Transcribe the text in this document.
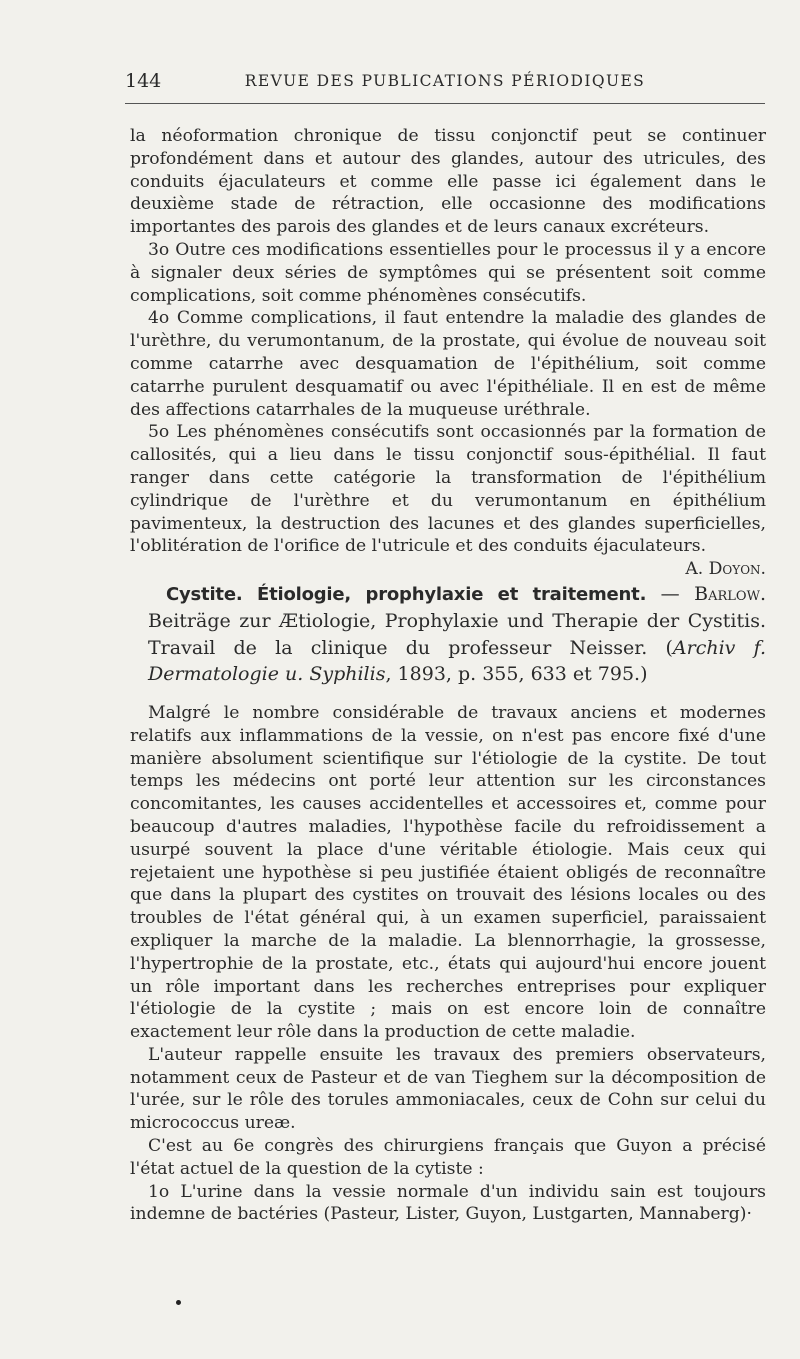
144	REVUE DES PUBLICATIONS PÉRIODIQUES

la néoformation chronique de tissu conjonctif peut se continuer profondément dans et autour des glandes, autour des utricules, des conduits éjaculateurs et comme elle passe ici également dans le deuxième stade de rétraction, elle occasionne des modifications importantes des parois des glandes et de leurs canaux excréteurs.

3o Outre ces modifications essentielles pour le processus il y a encore à signaler deux séries de symptômes qui se présentent soit comme complications, soit comme phénomènes consécutifs.

4o Comme complications, il faut entendre la maladie des glandes de l'urèthre, du verumontanum, de la prostate, qui évolue de nouveau soit comme catarrhe avec desquamation de l'épithélium, soit comme catarrhe purulent desquamatif ou avec l'épithéliale. Il en est de même des affections catarrhales de la muqueuse uréthrale.

5o Les phénomènes consécutifs sont occasionnés par la formation de callosités, qui a lieu dans le tissu conjonctif sous-épithélial. Il faut ranger dans cette catégorie la transformation de l'épithélium cylindrique de l'urèthre et du verumontanum en épithélium pavimenteux, la destruction des lacunes et des glandes superficielles, l'oblitération de l'orifice de l'utricule et des conduits éjaculateurs.

A. Doyon.

Cystite. Étiologie, prophylaxie et traitement. — Barlow. Beiträge zur Ætiologie, Prophylaxie und Therapie der Cystitis. Travail de la clinique du professeur Neisser. (Archiv f. Dermatologie u. Syphilis, 1893, p. 355, 633 et 795.)

Malgré le nombre considérable de travaux anciens et modernes relatifs aux inflammations de la vessie, on n'est pas encore fixé d'une manière absolument scientifique sur l'étiologie de la cystite. De tout temps les médecins ont porté leur attention sur les circonstances concomitantes, les causes accidentelles et accessoires et, comme pour beaucoup d'autres maladies, l'hypothèse facile du refroidissement a usurpé souvent la place d'une véritable étiologie. Mais ceux qui rejetaient une hypothèse si peu justifiée étaient obligés de reconnaître que dans la plupart des cystites on trouvait des lésions locales ou des troubles de l'état général qui, à un examen superficiel, paraissaient expliquer la marche de la maladie. La blennorrhagie, la grossesse, l'hypertrophie de la prostate, etc., états qui aujourd'hui encore jouent un rôle important dans les recherches entreprises pour expliquer l'étiologie de la cystite ; mais on est encore loin de connaître exactement leur rôle dans la production de cette maladie.

L'auteur rappelle ensuite les travaux des premiers observateurs, notamment ceux de Pasteur et de van Tieghem sur la décomposition de l'urée, sur le rôle des torules ammoniacales, ceux de Cohn sur celui du micrococcus ureæ.

C'est au 6e congrès des chirurgiens français que Guyon a précisé l'état actuel de la question de la cytiste :

1o L'urine dans la vessie normale d'un individu sain est toujours indemne de bactéries (Pasteur, Lister, Guyon, Lustgarten, Mannaberg)·
